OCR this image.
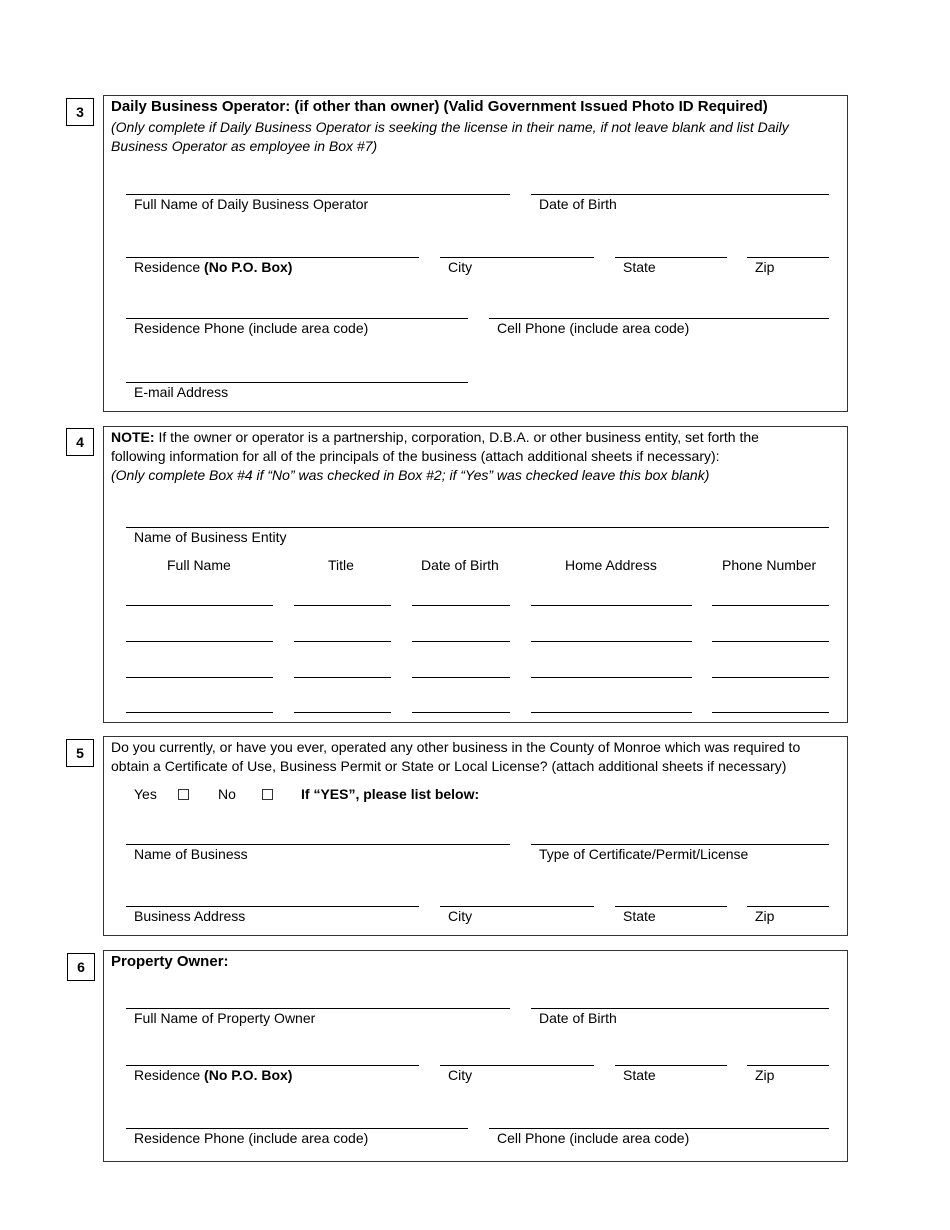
3	Daily Business Operator: (if other than owner) (Valid Government Issued Photo ID Required)
(Only complete if Daily Business Operator is seeking the license in their name, if not leave blank and list Daily
Business Operator as employee in Box #7)
Full Name of Daily Business Operator	Date of Birth
Residence (No P.O. Box)	City	State	Zip
Residence Phone (include area code)	Cell Phone (include area code)
E-mail Address
4	NOTE: If the owner or operator is a partnership, corporation, D.B.A. or other business entity, set forth the
following information for all of the principals of the business (attach additional sheets if necessary):
(Only complete Box #4 if “No” was checked in Box #2; if “Yes” was checked leave this box blank)
Name of Business Entity
Full Name	Title	Date of Birth	Home Address	Phone Number
5	Do you currently, or have you ever, operated any other business in the County of Monroe which was required to
obtain a Certificate of Use, Business Permit or State or Local License? (attach additional sheets if necessary)
Yes	No	If “YES”, please list below:
Name of Business	Type of Certificate/Permit/License
Business Address	City	State	Zip
6	Property Owner:
Full Name of Property Owner	Date of Birth
Residence (No P.O. Box)	City	State	Zip
Residence Phone (include area code)	Cell Phone (include area code)
